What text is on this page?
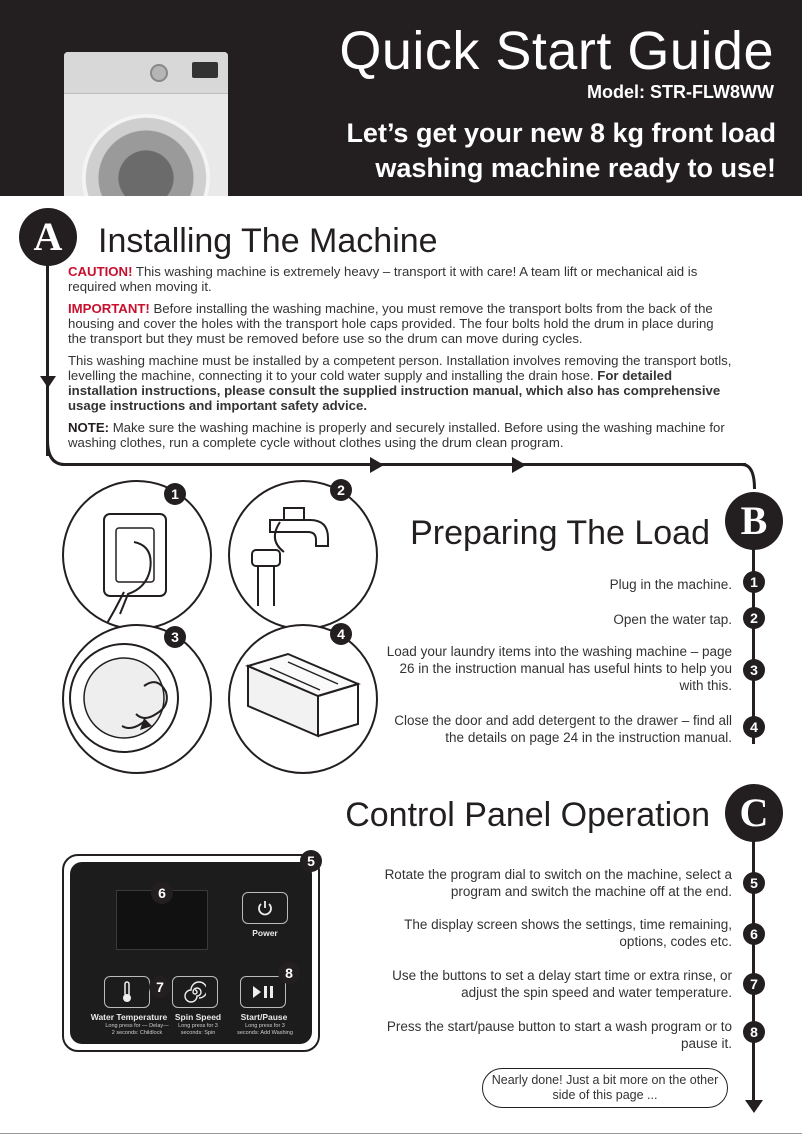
Quick Start Guide
Model: STR-FLW8WW
Let’s get your new 8 kg front load washing machine ready to use!
A	Installing The Machine

CAUTION! This washing machine is extremely heavy – transport it with care! A team lift or mechanical aid is required when moving it.

IMPORTANT! Before installing the washing machine, you must remove the transport bolts from the back of the housing and cover the holes with the transport hole caps provided. The four bolts hold the drum in place during the transport but they must be removed before use so the drum can move during cycles.

This washing machine must be installed by a competent person. Installation involves removing the transport botls, levelling the machine, connecting it to your cold water supply and installing the drain hose. For detailed installation instructions, please consult the supplied instruction manual, which also has comprehensive usage instructions and important safety advice.

NOTE: Make sure the washing machine is properly and securely installed. Before using the washing machine for washing clothes, run a complete cycle without clothes using the drum clean program.

B
Preparing The Load
1	2
3	4
Plug in the machine.
Open the water tap.
Load your laundry items into the washing machine – page 26 in the instruction manual has useful hints to help you with this.
Close the door and add detergent to the drawer – find all the details on page 24 in the instruction manual.
1
2
3
4
C
Control Panel Operation
Rotate the program dial to switch on the machine, select a program and switch the machine off at the end.
The display screen shows the settings, time remaining, options, codes etc.
Use the buttons to set a delay start time or extra rinse, or adjust the spin speed and water temperature.
Press the start/pause button to start a wash program or to pause it.
5
6
7
8
Power
Water Temperature Spin Speed	Start/Pause
Long press for — Delay—
2 seconds: Childlock
Long press for 3
seconds: Spin
Long press for 3
seconds: Add Washing
5
6
7
8
Nearly done! Just a bit more on the other side of this page ...
